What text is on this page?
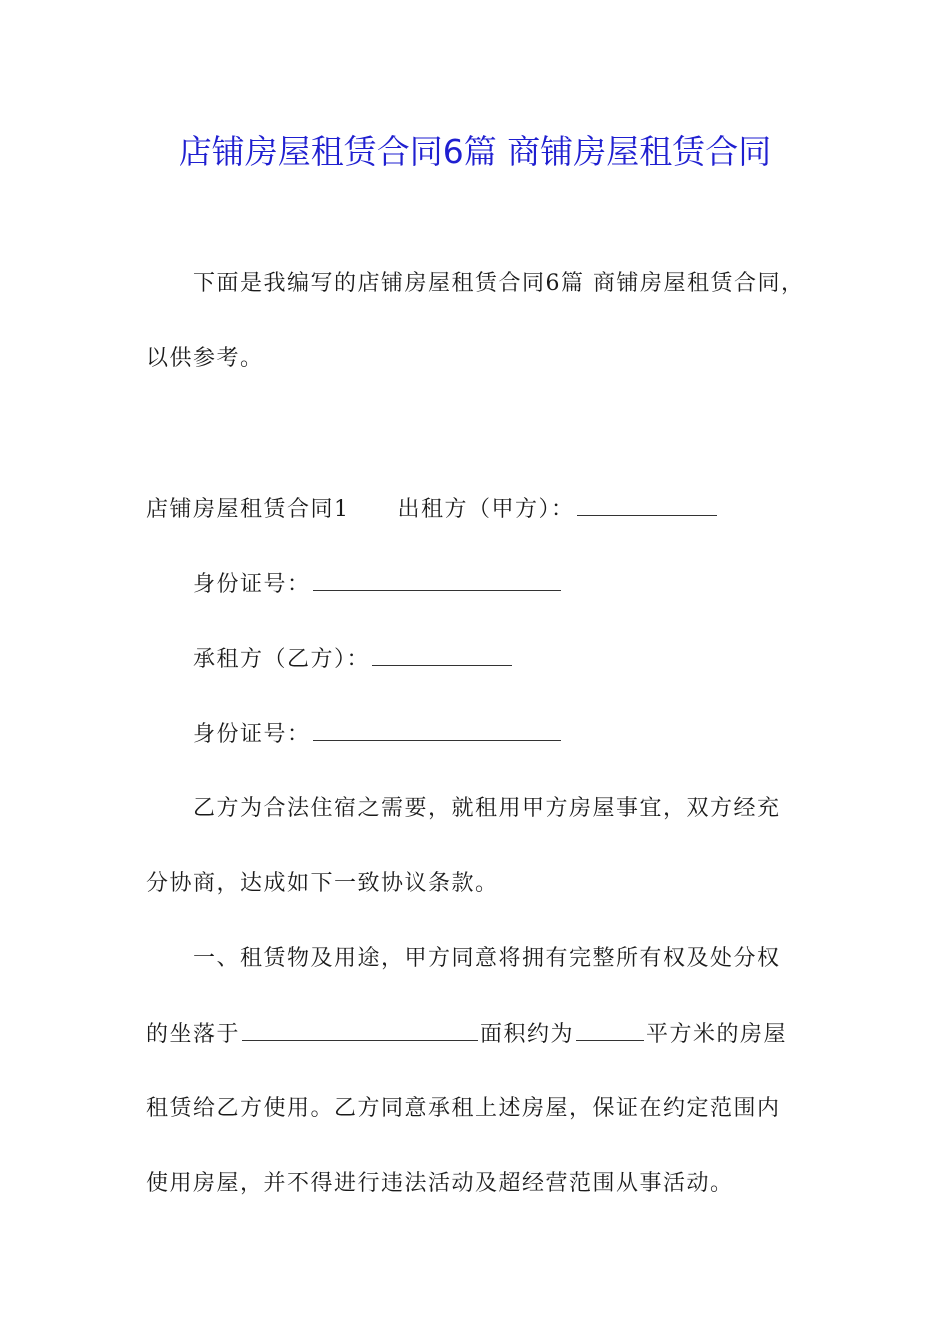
店铺房屋租赁合同6篇 商铺房屋租赁合同
下面是我编写的店铺房屋租赁合同6篇 商铺房屋租赁合同，
以供参考。
店铺房屋租赁合同1 出租方（甲方）：
身份证号：
承租方（乙方）：
身份证号：
乙方为合法住宿之需要，就租用甲方房屋事宜，双方经充
分协商，达成如下一致协议条款。
一、租赁物及用途，甲方同意将拥有完整所有权及处分权
的坐落于	面积约为	平方米的房屋
租赁给乙方使用。乙方同意承租上述房屋，保证在约定范围内
使用房屋，并不得进行违法活动及超经营范围从事活动。
